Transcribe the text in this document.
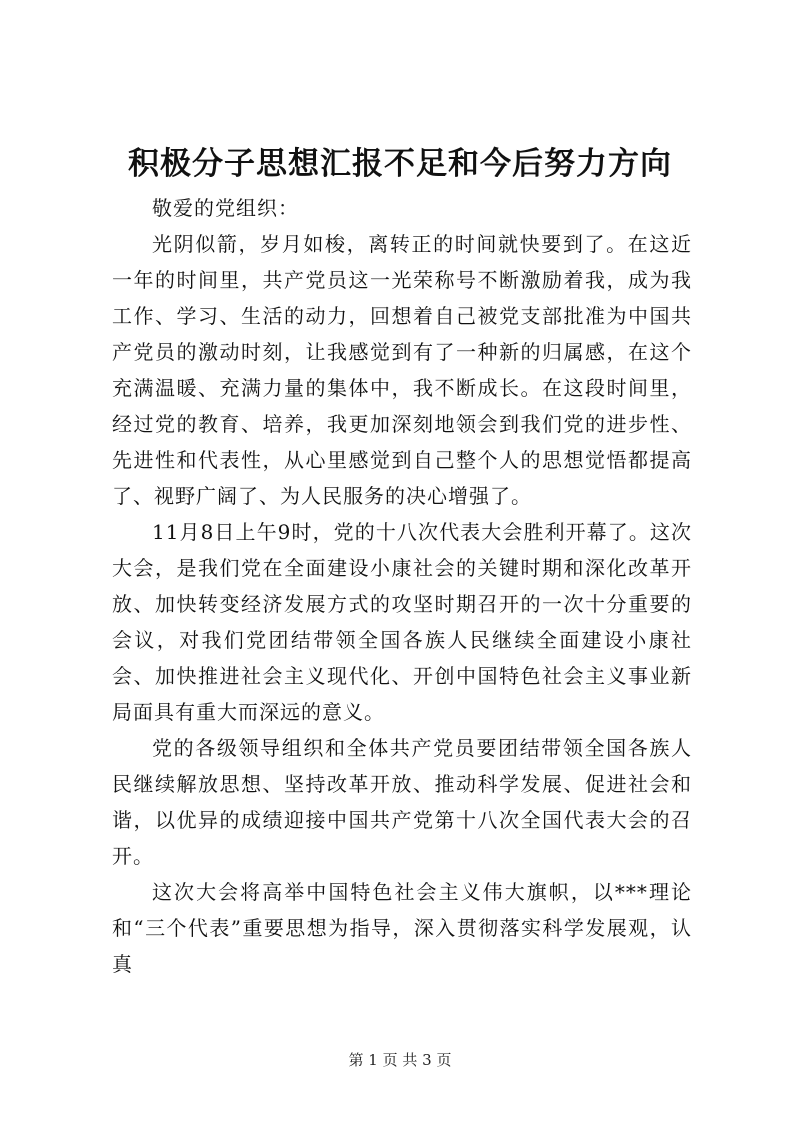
积极分子思想汇报不足和今后努力方向

敬爱的党组织：

光阴似箭，岁月如梭，离转正的时间就快要到了。在这近一年的时间里，共产党员这一光荣称号不断激励着我，成为我工作、学习、生活的动力，回想着自己被党支部批准为中国共产党员的激动时刻，让我感觉到有了一种新的归属感，在这个充满温暖、充满力量的集体中，我不断成长。在这段时间里，经过党的教育、培养，我更加深刻地领会到我们党的进步性、先进性和代表性，从心里感觉到自己整个人的思想觉悟都提高了、视野广阔了、为人民服务的决心增强了。

11月8日上午9时，党的十八次代表大会胜利开幕了。这次大会，是我们党在全面建设小康社会的关键时期和深化改革开放、加快转变经济发展方式的攻坚时期召开的一次十分重要的会议，对我们党团结带领全国各族人民继续全面建设小康社会、加快推进社会主义现代化、开创中国特色社会主义事业新局面具有重大而深远的意义。

党的各级领导组织和全体共产党员要团结带领全国各族人民继续解放思想、坚持改革开放、推动科学发展、促进社会和谐，以优异的成绩迎接中国共产党第十八次全国代表大会的召开。

这次大会将高举中国特色社会主义伟大旗帜，以***理论和“三个代表”重要思想为指导，深入贯彻落实科学发展观，认真

第 1 页 共 3 页
